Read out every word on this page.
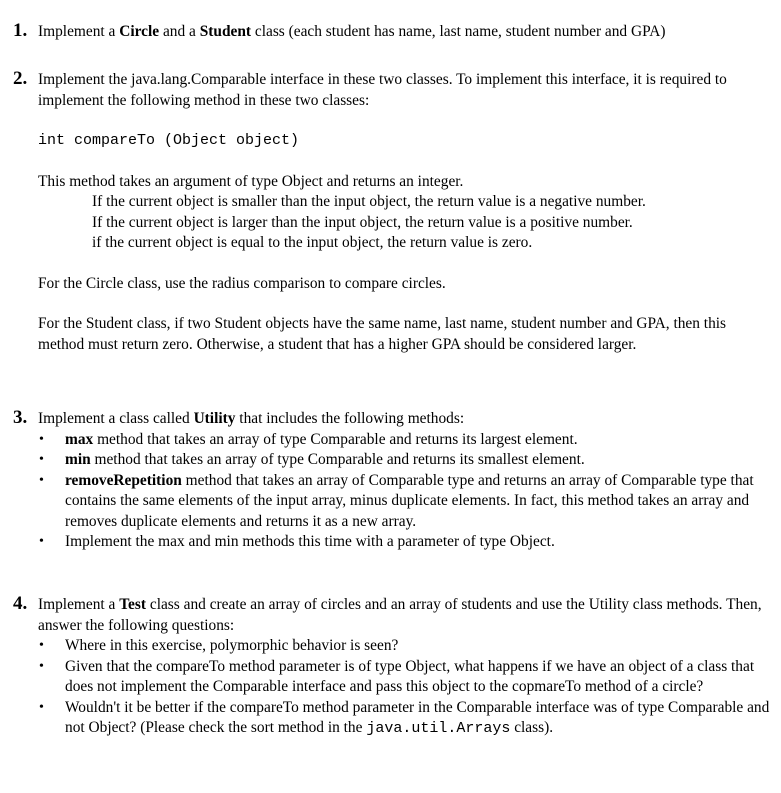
1. Implement a Circle and a Student class (each student has name, last name, student number and GPA)
2. Implement the java.lang.Comparable interface in these two classes. To implement this interface, it is required to implement the following method in these two classes:

int compareTo (Object object)

This method takes an argument of type Object and returns an integer.

If the current object is smaller than the input object, the return value is a negative number.

If the current object is larger than the input object, the return value is a positive number.

if the current object is equal to the input object, the return value is zero.

For the Circle class, use the radius comparison to compare circles.

For the Student class, if two Student objects have the same name, last name, student number and GPA, then this method must return zero. Otherwise, a student that has a higher GPA should be considered larger.

3. Implement a class called Utility that includes the following methods:

• max method that takes an array of type Comparable and returns its largest element.
• min method that takes an array of type Comparable and returns its smallest element.
• removeRepetition method that takes an array of Comparable type and returns an array of Comparable type that contains the same elements of the input array, minus duplicate elements. In fact, this method takes an array and removes duplicate elements and returns it as a new array.
• Implement the max and min methods this time with a parameter of type Object.
4. Implement a Test class and create an array of circles and an array of students and use the Utility class methods. Then, answer the following questions:

• Where in this exercise, polymorphic behavior is seen?
• Given that the compareTo method parameter is of type Object, what happens if we have an object of a class that does not implement the Comparable interface and pass this object to the copmareTo method of a circle?
• Wouldn't it be better if the compareTo method parameter in the Comparable interface was of type Comparable and not Object? (Please check the sort method in the java.util.Arrays class).
